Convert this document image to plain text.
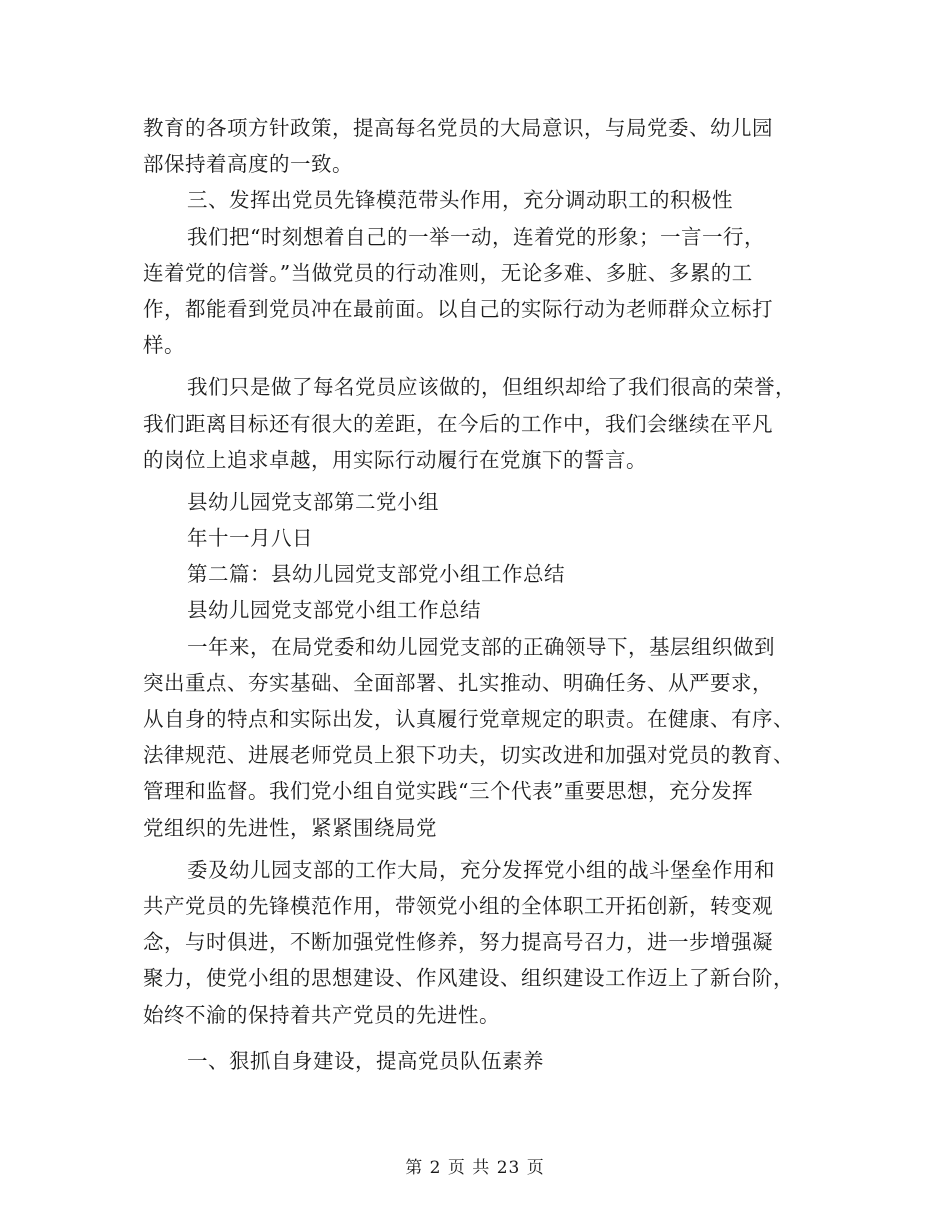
教育的各项方针政策，提高每名党员的大局意识，与局党委、幼儿园
部保持着高度的一致。
三、发挥出党员先锋模范带头作用，充分调动职工的积极性
我们把“时刻想着自己的一举一动，连着党的形象；一言一行，
连着党的信誉。”当做党员的行动准则，无论多难、多脏、多累的工
作，都能看到党员冲在最前面。以自己的实际行动为老师群众立标打
样。
我们只是做了每名党员应该做的，但组织却给了我们很高的荣誉，
我们距离目标还有很大的差距，在今后的工作中，我们会继续在平凡
的岗位上追求卓越，用实际行动履行在党旗下的誓言。
县幼儿园党支部第二党小组
年十一月八日
第二篇：县幼儿园党支部党小组工作总结
县幼儿园党支部党小组工作总结
一年来，在局党委和幼儿园党支部的正确领导下，基层组织做到
突出重点、夯实基础、全面部署、扎实推动、明确任务、从严要求，
从自身的特点和实际出发，认真履行党章规定的职责。在健康、有序、
法律规范、进展老师党员上狠下功夫，切实改进和加强对党员的教育、
管理和监督。我们党小组自觉实践“三个代表”重要思想，充分发挥
党组织的先进性，紧紧围绕局党
委及幼儿园支部的工作大局，充分发挥党小组的战斗堡垒作用和
共产党员的先锋模范作用，带领党小组的全体职工开拓创新，转变观
念，与时俱进，不断加强党性修养，努力提高号召力，进一步增强凝
聚力，使党小组的思想建设、作风建设、组织建设工作迈上了新台阶，
始终不渝的保持着共产党员的先进性。
一、狠抓自身建设，提高党员队伍素养
第 2 页 共 23 页
